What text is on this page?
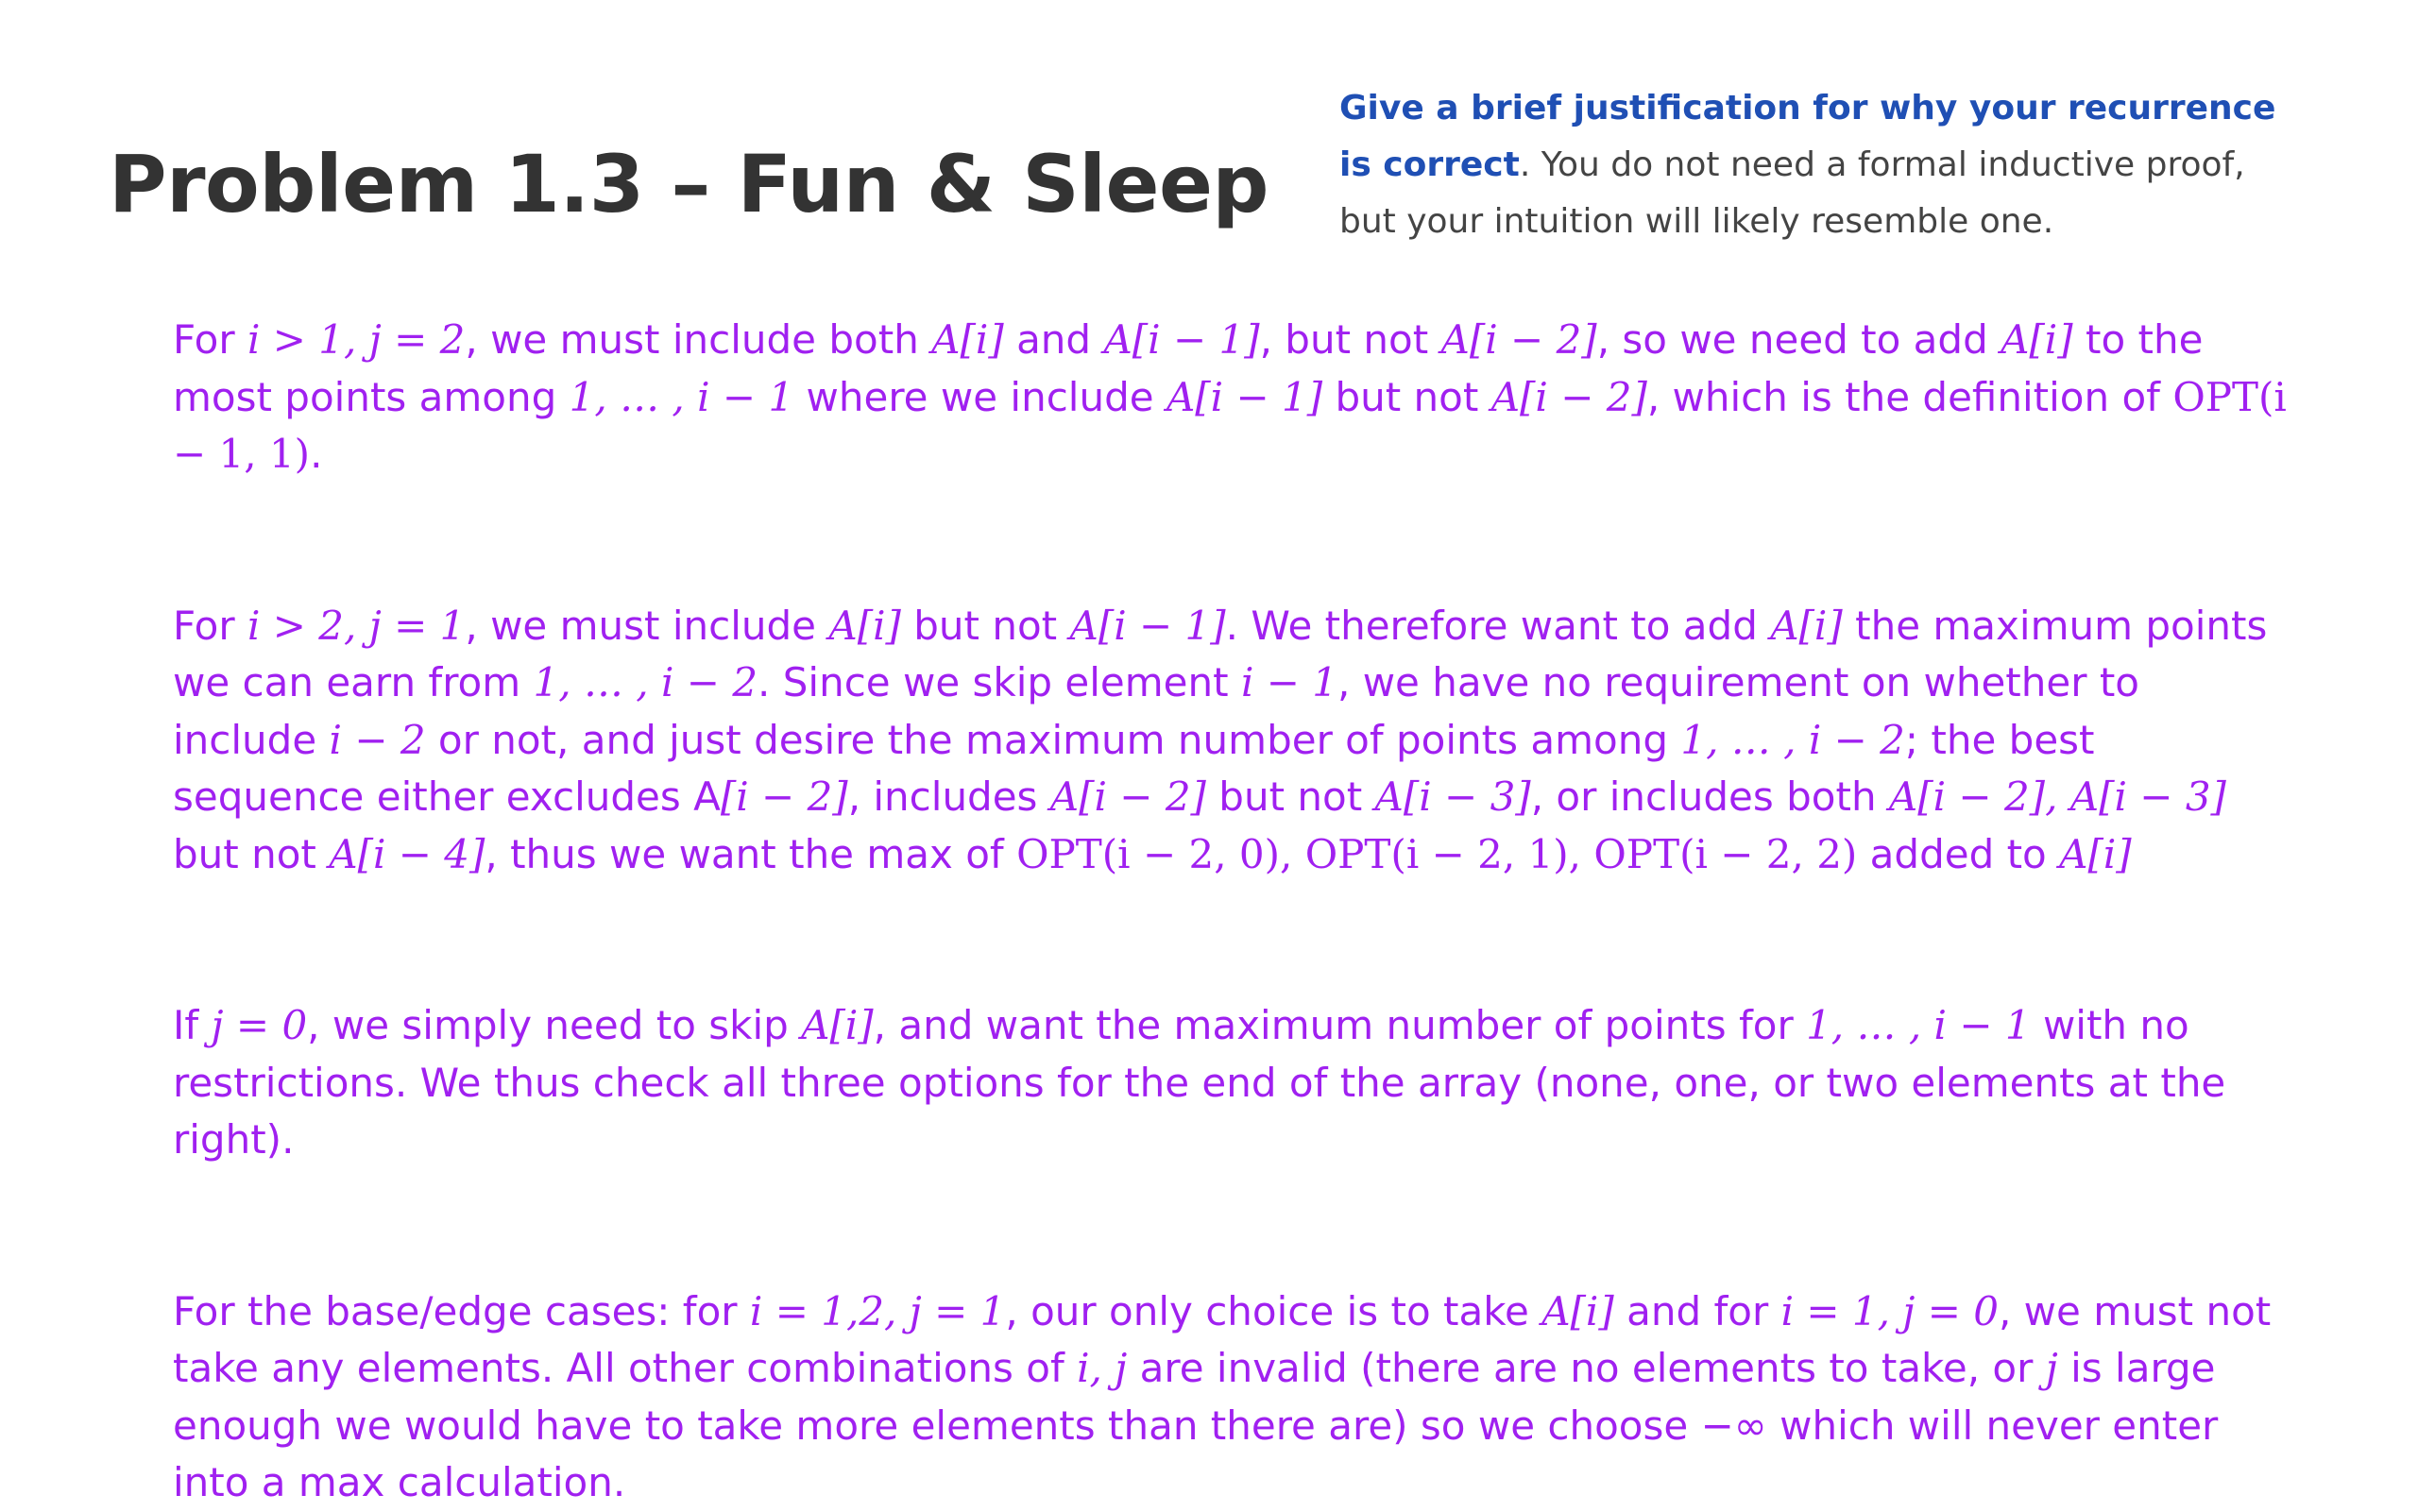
Problem 1.3 – Fun & Sleep

Give a brief justification for why your recurrence is correct. You do not need a formal inductive proof, but your intuition will likely resemble one.

For i > 1, j = 2, we must include both A[i] and A[i − 1], but not A[i − 2], so we need to add A[i] to the most points among 1, … , i − 1 where we include A[i − 1] but not A[i − 2], which is the definition of OPT(i − 1, 1).

For i > 2, j = 1, we must include A[i] but not A[i − 1]. We therefore want to add A[i] the maximum points we can earn from 1, … , i − 2. Since we skip element i − 1, we have no requirement on whether to include i − 2 or not, and just desire the maximum number of points among 1, … , i − 2; the best sequence either excludes A[i − 2], includes A[i − 2] but not A[i − 3], or includes both A[i − 2], A[i − 3] but not A[i − 4], thus we want the max of OPT(i − 2, 0), OPT(i − 2, 1), OPT(i − 2, 2) added to A[i]

If j = 0, we simply need to skip A[i], and want the maximum number of points for 1, … , i − 1 with no restrictions. We thus check all three options for the end of the array (none, one, or two elements at the right).

For the base/edge cases: for i = 1,2, j = 1, our only choice is to take A[i] and for i = 1, j = 0, we must not take any elements. All other combinations of i, j are invalid (there are no elements to take, or j is large enough we would have to take more elements than there are) so we choose −∞ which will never enter into a max calculation.
